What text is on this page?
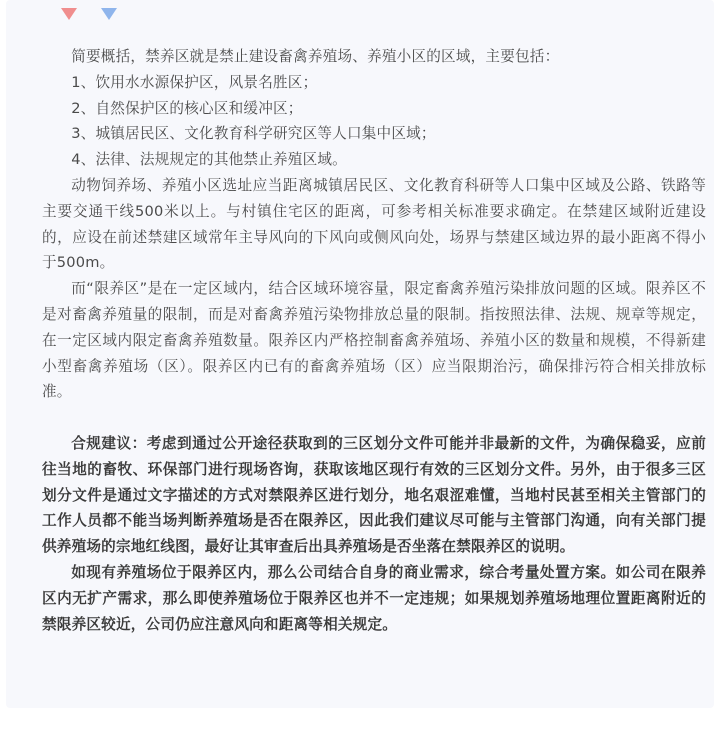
简要概括，禁养区就是禁止建设畜禽养殖场、养殖小区的区域，主要包括：

1、饮用水水源保护区，风景名胜区；

2、自然保护区的核心区和缓冲区；

3、城镇居民区、文化教育科学研究区等人口集中区域；

4、法律、法规规定的其他禁止养殖区域。

动物饲养场、养殖小区选址应当距离城镇居民区、文化教育科研等人口集中区域及公路、铁路等主要交通干线500米以上。与村镇住宅区的距离，可参考相关标准要求确定。在禁建区域附近建设的，应设在前述禁建区域常年主导风向的下风向或侧风向处，场界与禁建区域边界的最小距离不得小于500m。

而“限养区”是在一定区域内，结合区域环境容量，限定畜禽养殖污染排放问题的区域。限养区不是对畜禽养殖量的限制，而是对畜禽养殖污染物排放总量的限制。指按照法律、法规、规章等规定，在一定区域内限定畜禽养殖数量。限养区内严格控制畜禽养殖场、养殖小区的数量和规模，不得新建小型畜禽养殖场（区）。限养区内已有的畜禽养殖场（区）应当限期治污，确保排污符合相关排放标准。

合规建议：考虑到通过公开途径获取到的三区划分文件可能并非最新的文件，为确保稳妥，应前往当地的畜牧、环保部门进行现场咨询，获取该地区现行有效的三区划分文件。另外，由于很多三区划分文件是通过文字描述的方式对禁限养区进行划分，地名艰涩难懂，当地村民甚至相关主管部门的工作人员都不能当场判断养殖场是否在限养区，因此我们建议尽可能与主管部门沟通，向有关部门提供养殖场的宗地红线图，最好让其审查后出具养殖场是否坐落在禁限养区的说明。

如现有养殖场位于限养区内，那么公司结合自身的商业需求，综合考量处置方案。如公司在限养区内无扩产需求，那么即使养殖场位于限养区也并不一定违规；如果规划养殖场地理位置距离附近的禁限养区较近，公司仍应注意风向和距离等相关规定。
